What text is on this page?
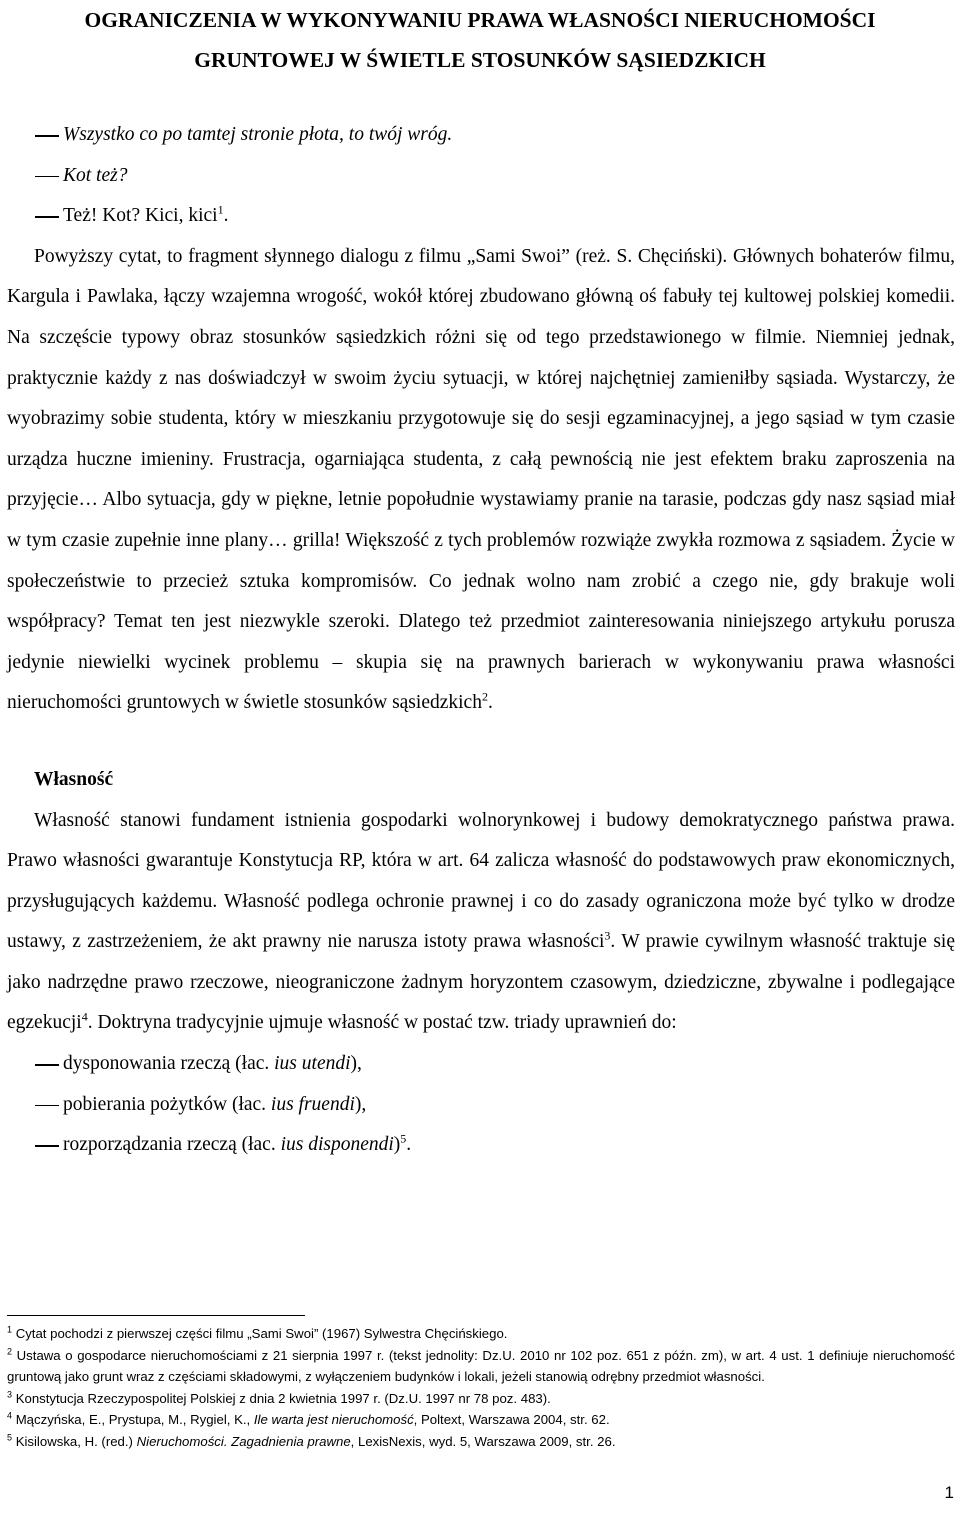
OGRANICZENIA W WYKONYWANIU PRAWA WŁASNOŚCI NIERUCHOMOŚCI
GRUNTOWEJ W ŚWIETLE STOSUNKÓW SĄSIEDZKICH
Wszystko co po tamtej stronie płota, to twój wróg.
Kot też?
Też! Kot? Kici, kici$^1$.

Powyższy cytat, to fragment słynnego dialogu z filmu „Sami Swoi” (reż. S. Chęciński). Głównych bohaterów filmu, Kargula i Pawlaka, łączy wzajemna wrogość, wokół której zbudowano główną oś fabuły tej kultowej polskiej komedii. Na szczęście typowy obraz stosunków sąsiedzkich różni się od tego przedstawionego w filmie. Niemniej jednak, praktycznie każdy z nas doświadczył w swoim życiu sytuacji, w której najchętniej zamieniłby sąsiada. Wystarczy, że wyobrazimy sobie studenta, który w mieszkaniu przygotowuje się do sesji egzaminacyjnej, a jego sąsiad w tym czasie urządza huczne imieniny. Frustracja, ogarniająca studenta, z całą pewnością nie jest efektem braku zaproszenia na przyjęcie… Albo sytuacja, gdy w piękne, letnie popołudnie wystawiamy pranie na tarasie, podczas gdy nasz sąsiad miał w tym czasie zupełnie inne plany… grilla! Większość z tych problemów rozwiąże zwykła rozmowa z sąsiadem. Życie w społeczeństwie to przecież sztuka kompromisów. Co jednak wolno nam zrobić a czego nie, gdy brakuje woli współpracy? Temat ten jest niezwykle szeroki. Dlatego też przedmiot zainteresowania niniejszego artykułu porusza jedynie niewielki wycinek problemu – skupia się na prawnych barierach w wykonywaniu prawa własności nieruchomości gruntowych w świetle stosunków sąsiedzkich$^2$.

Własność

Własność stanowi fundament istnienia gospodarki wolnorynkowej i budowy demokratycznego państwa prawa. Prawo własności gwarantuje Konstytucja RP, która w art. 64 zalicza własność do podstawowych praw ekonomicznych, przysługujących każdemu. Własność podlega ochronie prawnej i co do zasady ograniczona może być tylko w drodze ustawy, z zastrzeżeniem, że akt prawny nie narusza istoty prawa własności$^3$. W prawie cywilnym własność traktuje się jako nadrzędne prawo rzeczowe, nieograniczone żadnym horyzontem czasowym, dziedziczne, zbywalne i podlegające egzekucji$^4$. Doktryna tradycyjnie ujmuje własność w postać tzw. triady uprawnień do:

dysponowania rzeczą (łac. ius utendi),
pobierania pożytków (łac. ius fruendi),
rozporządzania rzeczą (łac. ius disponendi)$^5$.

$^1$ Cytat pochodzi z pierwszej części filmu „Sami Swoi” (1967) Sylwestra Chęcińskiego.

$^2$ Ustawa o gospodarce nieruchomościami z 21 sierpnia 1997 r. (tekst jednolity: Dz.U. 2010 nr 102 poz. 651 z późn. zm), w art. 4 ust. 1 definiuje nieruchomość gruntową jako grunt wraz z częściami składowymi, z wyłączeniem budynków i lokali, jeżeli stanowią odrębny przedmiot własności.

$^3$ Konstytucja Rzeczypospolitej Polskiej z dnia 2 kwietnia 1997 r. (Dz.U. 1997 nr 78 poz. 483).

$^4$ Mączyńska, E., Prystupa, M., Rygiel, K., Ile warta jest nieruchomość, Poltext, Warszawa 2004, str. 62.

$^5$ Kisilowska, H. (red.) Nieruchomości. Zagadnienia prawne, LexisNexis, wyd. 5, Warszawa 2009, str. 26.

1
